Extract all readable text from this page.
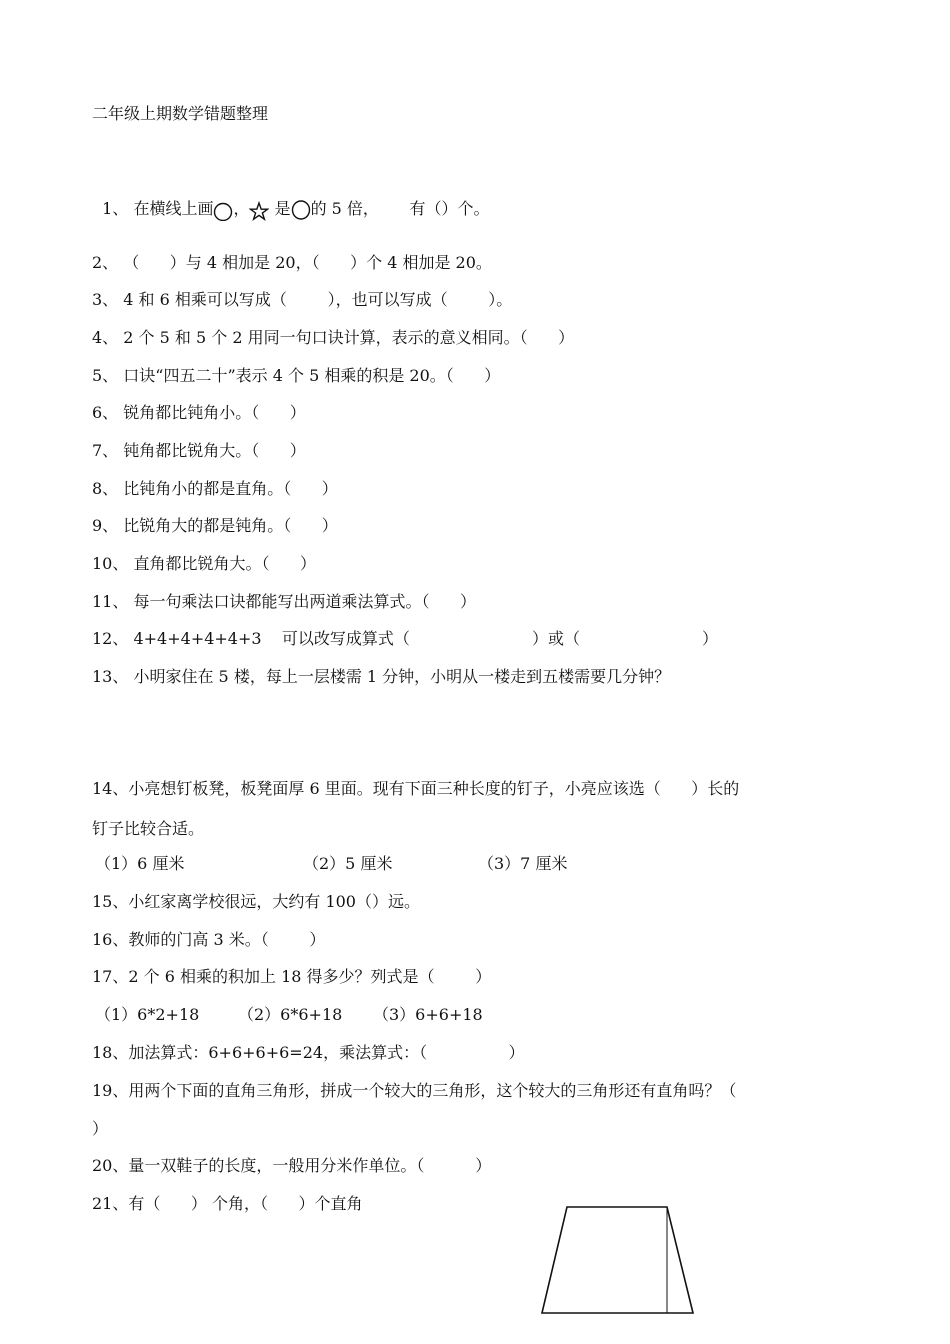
二年级上期数学错题整理

1、 在横线上画 ， 是 的 5 倍，      有（）个。

2、 （      ）与 4 相加是 20，（      ）个 4 相加是 20。
3、 4 和 6 相乘可以写成（        ），也可以写成（        ）。
4、 2 个 5 和 5 个 2 用同一句口诀计算，表示的意义相同。（      ）
5、 口诀“四五二十”表示 4 个 5 相乘的积是 20。（      ）
6、 锐角都比钝角小。（      ）
7、 钝角都比锐角大。（      ）
8、 比钝角小的都是直角。（      ）
9、 比锐角大的都是钝角。（      ）
10、 直角都比锐角大。（      ）
11、 每一句乘法口诀都能写出两道乘法算式。（      ）
12、 4+4+4+4+4+3    可以改写成算式（                        ）或（                        ）
13、 小明家住在 5 楼，每上一层楼需 1 分钟，小明从一楼走到五楼需要几分钟？
14、小亮想钉板凳，板凳面厚 6 里面。现有下面三种长度的钉子，小亮应该选（      ）长的
钉子比较合适。
（1）6 厘米	（2）5 厘米	（3）7 厘米
15、小红家离学校很远，大约有 100（）远。
16、教师的门高 3 米。（        ）
17、2 个 6 相乘的积加上 18 得多少？列式是（        ）
（1）6*2+18 （2）6*6+18 （3）6+6+18
18、加法算式：6+6+6+6=24，乘法算式：（                ）
19、用两个下面的直角三角形，拼成一个较大的三角形，这个较大的三角形还有直角吗？（
）
20、量一双鞋子的长度，一般用分米作单位。（          ）
21、有（      ） 个角，（      ）个直角
